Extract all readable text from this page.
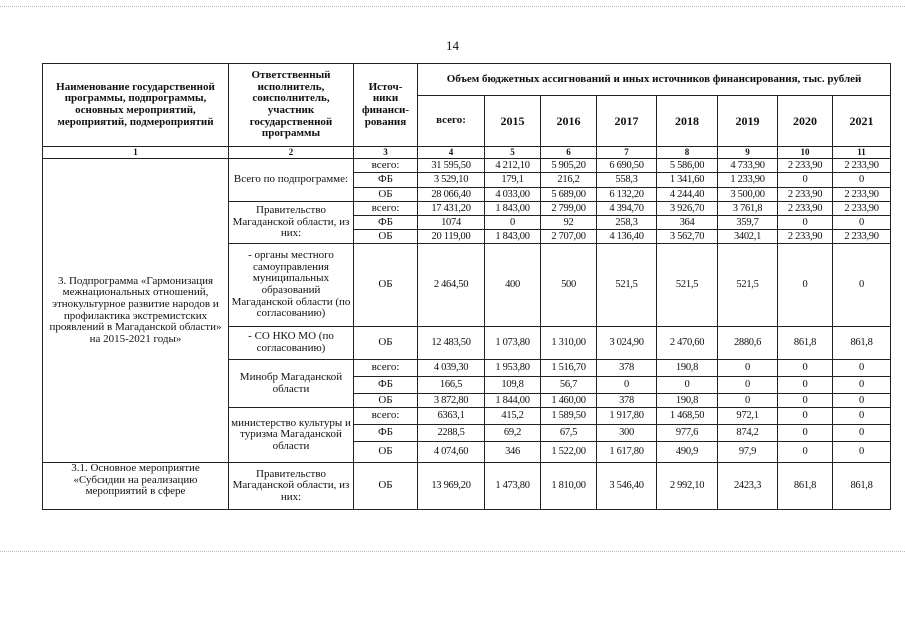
14
Наименование государственной программы, подпрограммы, основных мероприятий, мероприятий, подмероприятий	Ответственный исполнитель, соисполнитель, участник государственной программы	Источ-ники финанси-рования	Объем бюджетных ассигнований и иных источников финансирования, тыс. рублей							
			всего:	2015	2016	2017	2018	2019	2020	2021
1	2	3	4	5	6	7	8	9	10	11
3. Подпрограмма «Гармонизация межнациональных отношений, этнокультурное развитие народов и профилактика экстремистских проявлений в Магаданской области» на 2015-2021 годы»	Всего по подпрограмме:	всего:	31 595,50	4 212,10	5 905,20	6 690,50	5 586,00	4 733,90	2 233,90	2 233,90
		ФБ	3 529,10	179,1	216,2	558,3	1 341,60	1 233,90	0	0
		ОБ	28 066,40	4 033,00	5 689,00	6 132,20	4 244,40	3 500,00	2 233,90	2 233,90
	Правительство Магаданской области, из них:	всего:	17 431,20	1 843,00	2 799,00	4 394,70	3 926,70	3 761,8	2 233,90	2 233,90
		ФБ	1074	0	92	258,3	364	359,7	0	0
		ОБ	20 119,00	1 843,00	2 707,00	4 136,40	3 562,70	3402,1	2 233,90	2 233,90
	- органы местного самоуправления муниципальных образований Магаданской области (по согласованию)	ОБ	2 464,50	400	500	521,5	521,5	521,5	0	0
	- СО НКО МО (по согласованию)	ОБ	12 483,50	1 073,80	1 310,00	3 024,90	2 470,60	2880,6	861,8	861,8
	Минобр Магаданской области	всего:	4 039,30	1 953,80	1 516,70	378	190,8	0	0	0
		ФБ	166,5	109,8	56,7	0	0	0	0	0
		ОБ	3 872,80	1 844,00	1 460,00	378	190,8	0	0	0
	министерство культуры и туризма Магаданской области	всего:	6363,1	415,2	1 589,50	1 917,80	1 468,50	972,1	0	0
		ФБ	2288,5	69,2	67,5	300	977,6	874,2	0	0
		ОБ	4 074,60	346	1 522,00	1 617,80	490,9	97,9	0	0
3.1. Основное мероприятие «Субсидии на реализацию мероприятий в сфере	Правительство Магаданской области, из них:	ОБ	13 969,20	1 473,80	1 810,00	3 546,40	2 992,10	2423,3	861,8	861,8
